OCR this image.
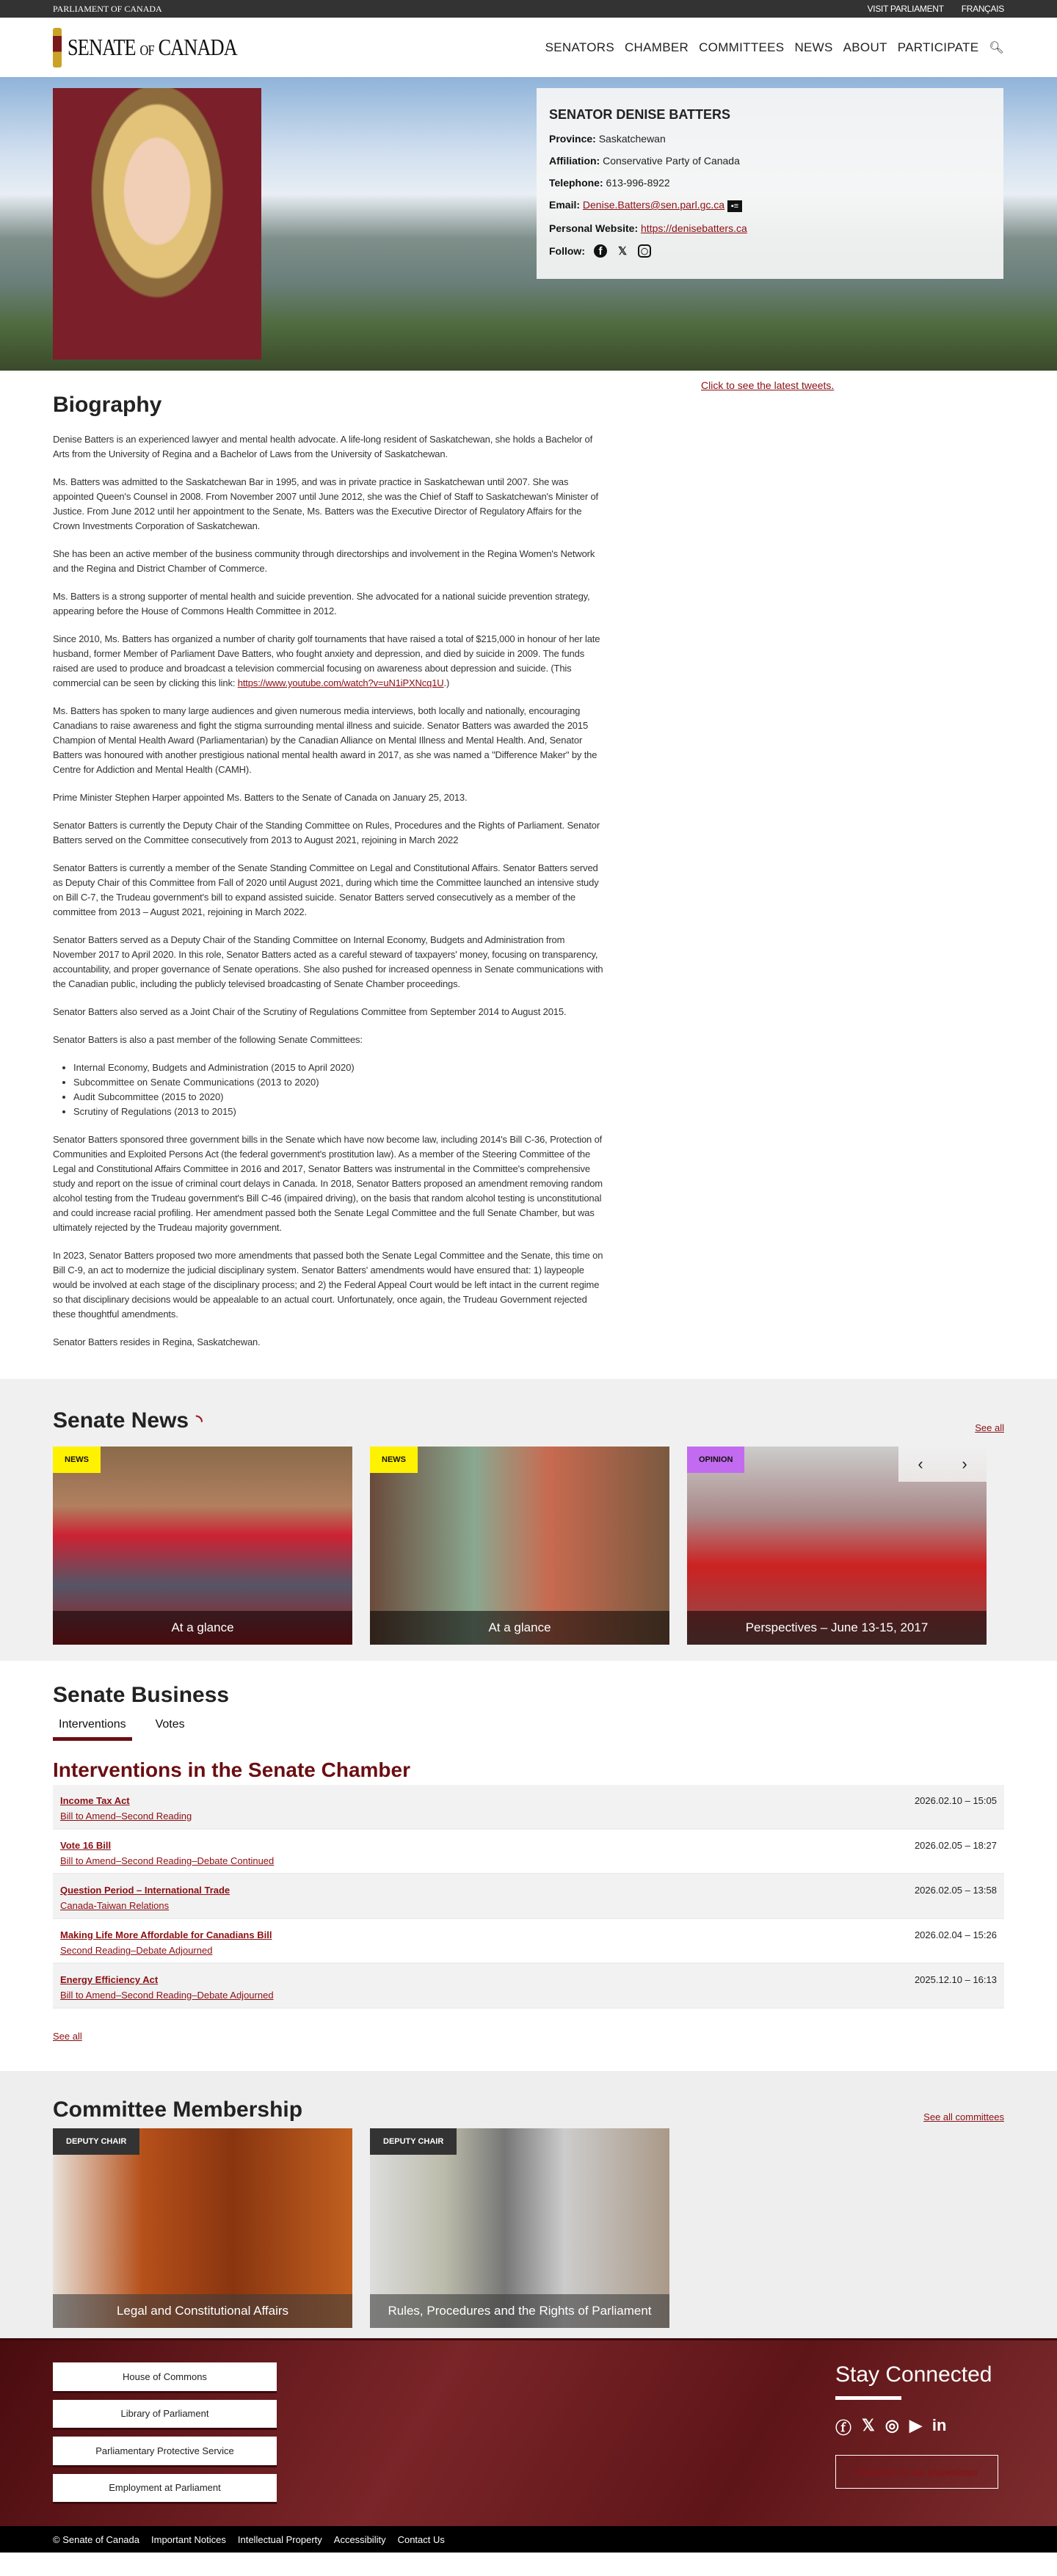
PARLIAMENT OF CANADA	VISIT PARLIAMENT FRANÇAIS
SENATE OF CANADA	SENATORS CHAMBER COMMITTEES NEWS ABOUT PARTICIPATE 🔍︎
SENATOR DENISE BATTERS

Province: Saskatchewan

Affiliation: Conservative Party of Canada

Telephone: 613-996-8922

Email: Denise.Batters@sen.parl.gc.ca ▪≡

Personal Website: https://denisebatters.ca

Follow:	f	𝕏	◯
Click to see the latest tweets.
Biography

Denise Batters is an experienced lawyer and mental health advocate. A life-long resident of Saskatchewan, she holds a Bachelor of Arts from the University of Regina and a Bachelor of Laws from the University of Saskatchewan.

Ms. Batters was admitted to the Saskatchewan Bar in 1995, and was in private practice in Saskatchewan until 2007. She was appointed Queen's Counsel in 2008. From November 2007 until June 2012, she was the Chief of Staff to Saskatchewan's Minister of Justice. From June 2012 until her appointment to the Senate, Ms. Batters was the Executive Director of Regulatory Affairs for the Crown Investments Corporation of Saskatchewan.

She has been an active member of the business community through directorships and involvement in the Regina Women's Network and the Regina and District Chamber of Commerce.

Ms. Batters is a strong supporter of mental health and suicide prevention. She advocated for a national suicide prevention strategy, appearing before the House of Commons Health Committee in 2012.

Since 2010, Ms. Batters has organized a number of charity golf tournaments that have raised a total of $215,000 in honour of her late husband, former Member of Parliament Dave Batters, who fought anxiety and depression, and died by suicide in 2009. The funds raised are used to produce and broadcast a television commercial focusing on awareness about depression and suicide. (This commercial can be seen by clicking this link: https://www.youtube.com/watch?v=uN1iPXNcq1U.)

Ms. Batters has spoken to many large audiences and given numerous media interviews, both locally and nationally, encouraging Canadians to raise awareness and fight the stigma surrounding mental illness and suicide. Senator Batters was awarded the 2015 Champion of Mental Health Award (Parliamentarian) by the Canadian Alliance on Mental Illness and Mental Health. And, Senator Batters was honoured with another prestigious national mental health award in 2017, as she was named a "Difference Maker" by the Centre for Addiction and Mental Health (CAMH).

Prime Minister Stephen Harper appointed Ms. Batters to the Senate of Canada on January 25, 2013.

Senator Batters is currently the Deputy Chair of the Standing Committee on Rules, Procedures and the Rights of Parliament. Senator Batters served on the Committee consecutively from 2013 to August 2021, rejoining in March 2022

Senator Batters is currently a member of the Senate Standing Committee on Legal and Constitutional Affairs. Senator Batters served as Deputy Chair of this Committee from Fall of 2020 until August 2021, during which time the Committee launched an intensive study on Bill C-7, the Trudeau government's bill to expand assisted suicide. Senator Batters served consecutively as a member of the committee from 2013 – August 2021, rejoining in March 2022.

Senator Batters served as a Deputy Chair of the Standing Committee on Internal Economy, Budgets and Administration from November 2017 to April 2020. In this role, Senator Batters acted as a careful steward of taxpayers' money, focusing on transparency, accountability, and proper governance of Senate operations. She also pushed for increased openness in Senate communications with the Canadian public, including the publicly televised broadcasting of Senate Chamber proceedings.

Senator Batters also served as a Joint Chair of the Scrutiny of Regulations Committee from September 2014 to August 2015.

Senator Batters is also a past member of the following Senate Committees:

• Internal Economy, Budgets and Administration (2015 to April 2020)
• Subcommittee on Senate Communications (2013 to 2020)
• Audit Subcommittee (2015 to 2020)
• Scrutiny of Regulations (2013 to 2015)

Senator Batters sponsored three government bills in the Senate which have now become law, including 2014's Bill C-36, Protection of Communities and Exploited Persons Act (the federal government's prostitution law). As a member of the Steering Committee of the Legal and Constitutional Affairs Committee in 2016 and 2017, Senator Batters was instrumental in the Committee's comprehensive study and report on the issue of criminal court delays in Canada. In 2018, Senator Batters proposed an amendment removing random alcohol testing from the Trudeau government's Bill C-46 (impaired driving), on the basis that random alcohol testing is unconstitutional and could increase racial profiling. Her amendment passed both the Senate Legal Committee and the full Senate Chamber, but was ultimately rejected by the Trudeau majority government.

In 2023, Senator Batters proposed two more amendments that passed both the Senate Legal Committee and the Senate, this time on Bill C-9, an act to modernize the judicial disciplinary system. Senator Batters' amendments would have ensured that: 1) laypeople would be involved at each stage of the disciplinary process; and 2) the Federal Appeal Court would be left intact in the current regime so that disciplinary decisions would be appealable to an actual court. Unfortunately, once again, the Trudeau Government rejected these thoughtful amendments.

Senator Batters resides in Regina, Saskatchewan.

Senate News ◝	See all
NEWS
At a glance
NEWS
At a glance
OPINION	‹ ›
Perspectives – June 13-15, 2017
Senate Business
Interventions	Votes
Interventions in the Senate Chamber
Income Tax Act
Bill to Amend–Second Reading
2026.02.10 – 15:05
Vote 16 Bill
Bill to Amend–Second Reading–Debate Continued
2026.02.05 – 18:27
Question Period – International Trade
Canada-Taiwan Relations
2026.02.05 – 13:58
Making Life More Affordable for Canadians Bill
Second Reading–Debate Adjourned
2026.02.04 – 15:26
Energy Efficiency Act
Bill to Amend–Second Reading–Debate Adjourned
2025.12.10 – 16:13
See all
Committee Membership	See all committees
DEPUTY CHAIR
Legal and Constitutional Affairs
DEPUTY CHAIR
Rules, Procedures and the Rights of Parliament
House of Commons
Library of Parliament
Parliamentary Protective Service
Employment at Parliament
Stay Connected
ⓕ 𝕏 ◎ ▶ in
Subscribe to our eNewsletter
© Senate of Canada Important Notices Intellectual Property Accessibility Contact Us
